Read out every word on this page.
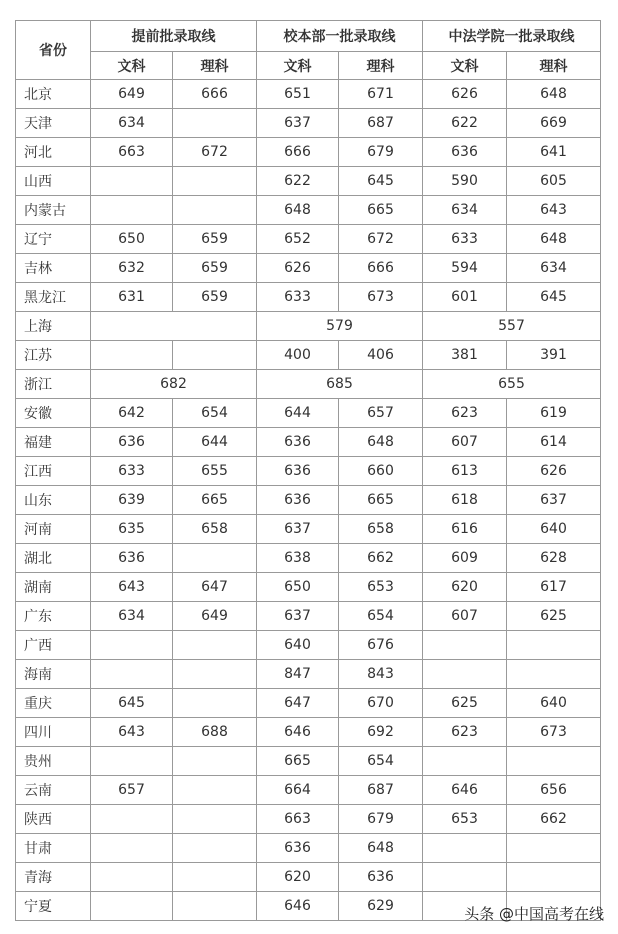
省份	提前批录取线		校本部一批录取线		中法学院一批录取线	
	文科	理科	文科	理科	文科	理科
北京	649	666	651	671	626	648
天津	634		637	687	622	669
河北	663	672	666	679	636	641
山西			622	645	590	605
内蒙古			648	665	634	643
辽宁	650	659	652	672	633	648
吉林	632	659	626	666	594	634
黑龙江	631	659	633	673	601	645
上海			579		557	
江苏			400	406	381	391
浙江	682		685		655	
安徽	642	654	644	657	623	619
福建	636	644	636	648	607	614
江西	633	655	636	660	613	626
山东	639	665	636	665	618	637
河南	635	658	637	658	616	640
湖北	636		638	662	609	628
湖南	643	647	650	653	620	617
广东	634	649	637	654	607	625
广西			640	676		
海南			847	843		
重庆	645		647	670	625	640
四川	643	688	646	692	623	673
贵州			665	654		
云南	657		664	687	646	656
陕西			663	679	653	662
甘肃			636	648		
青海			620	636		
宁夏			646	629			头条 @中国高考在线
